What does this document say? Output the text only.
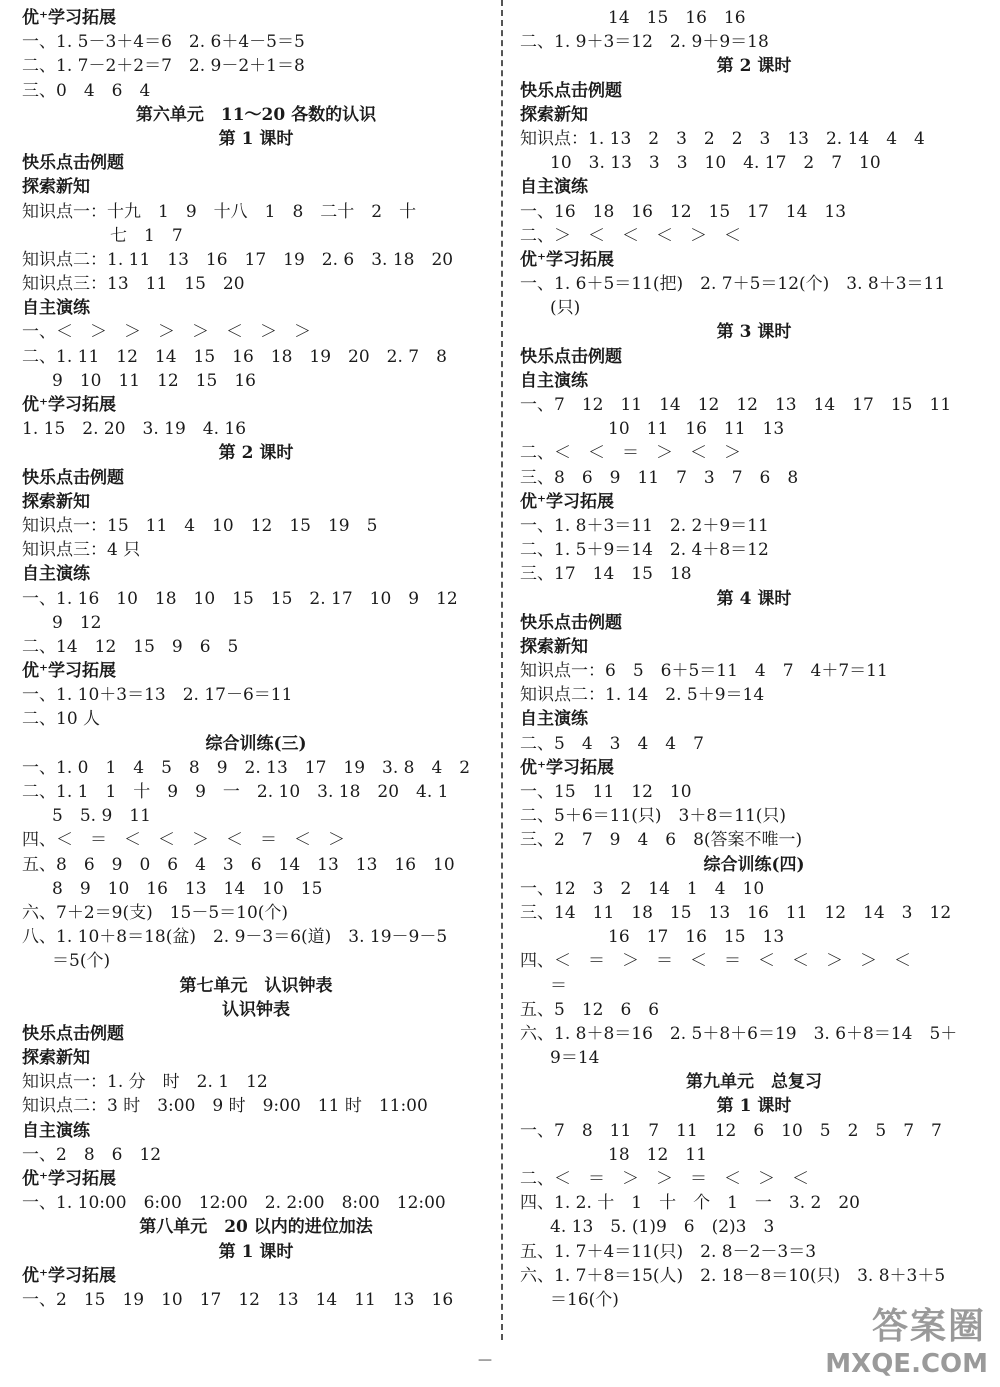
优⁺学习拓展
一、1. 5－3＋4＝6　2. 6＋4－5＝5
二、1. 7－2＋2＝7　2. 9－2＋1＝8
三、0　4　6　4
第六单元　11～20 各数的认识
第 1 课时
快乐点击例题
探索新知
知识点一：十九　1　9　十八　1　8　二十　2　十
七　1　7
知识点二：1. 11　13　16　17　19　2. 6　3. 18　20
知识点三：13　11　15　20
自主演练
一、＜　＞　＞　＞　＞　＜　＞　＞
二、1. 11　12　14　15　16　18　19　20　2. 7　8
9　10　11　12　15　16
优⁺学习拓展
1. 15　2. 20　3. 19　4. 16
第 2 课时
快乐点击例题
探索新知
知识点一：15　11　4　10　12　15　19　5
知识点三：4 只
自主演练
一、1. 16　10　18　10　15　15　2. 17　10　9　12
9　12
二、14　12　15　9　6　5
优⁺学习拓展
一、1. 10＋3＝13　2. 17－6＝11
二、10 人
综合训练(三)
一、1. 0　1　4　5　8　9　2. 13　17　19　3. 8　4　2
二、1. 1　1　十　9　9　一　2. 10　3. 18　20　4. 1
5　5. 9　11
四、＜　＝　＜　＜　＞　＜　＝　＜　＞
五、8　6　9　0　6　4　3　6　14　13　13　16　10
8　9　10　16　13　14　10　15
六、7＋2＝9(支)　15－5＝10(个)
八、1. 10＋8＝18(盆)　2. 9－3＝6(道)　3. 19－9－5
＝5(个)
第七单元　认识钟表
认识钟表
快乐点击例题
探索新知
知识点一：1. 分　时　2. 1　12
知识点二：3 时　3:00　9 时　9:00　11 时　11:00
自主演练
一、2　8　6　12
优⁺学习拓展
一、1. 10:00　6:00　12:00　2. 2:00　8:00　12:00
第八单元　20 以内的进位加法
第 1 课时
优⁺学习拓展
一、2　15　19　10　17　12　13　14　11　13　16
14　15　16　16
二、1. 9＋3＝12　2. 9＋9＝18
第 2 课时
快乐点击例题
探索新知
知识点：1. 13　2　3　2　2　3　13　2. 14　4　4
10　3. 13　3　3　10　4. 17　2　7　10
自主演练
一、16　18　16　12　15　17　14　13
二、＞　＜　＜　＜　＞　＜
优⁺学习拓展
一、1. 6＋5＝11(把)　2. 7＋5＝12(个)　3. 8＋3＝11
(只)
第 3 课时
快乐点击例题
自主演练
一、7　12　11　14　12　12　13　14　17　15　11
10　11　16　11　13
二、＜　＜　＝　＞　＜　＞
三、8　6　9　11　7　3　7　6　8
优⁺学习拓展
一、1. 8＋3＝11　2. 2＋9＝11
二、1. 5＋9＝14　2. 4＋8＝12
三、17　14　15　18
第 4 课时
快乐点击例题
探索新知
知识点一：6　5　6＋5＝11　4　7　4＋7＝11
知识点二：1. 14　2. 5＋9＝14
自主演练
二、5　4　3　4　4　7
优⁺学习拓展
一、15　11　12　10
二、5＋6＝11(只)　3＋8＝11(只)
三、2　7　9　4　6　8(答案不唯一)
综合训练(四)
一、12　3　2　14　1　4　10
三、14　11　18　15　13　16　11　12　14　3　12
16　17　16　15　13
四、＜　＝　＞　＝　＜　＝　＜　＜　＞　＞　＜
＝
五、5　12　6　6
六、1. 8＋8＝16　2. 5＋8＋6＝19　3. 6＋8＝14　5＋
9＝14
第九单元　总复习
第 1 课时
一、7　8　11　7　11　12　6　10　5　2　5　7　7
18　12　11
二、＜　＝　＞　＞　＝　＜　＞　＜
四、1. 2. 十　1　十　个　1　一　3. 2　20
4. 13　5. (1)9　6　(2)3　3
五、1. 7＋4＝11(只)　2. 8－2－3＝3
六、1. 7＋8＝15(人)　2. 18－8＝10(只)　3. 8＋3＋5
＝16(个)
—
答案圈
MXQE.COM
